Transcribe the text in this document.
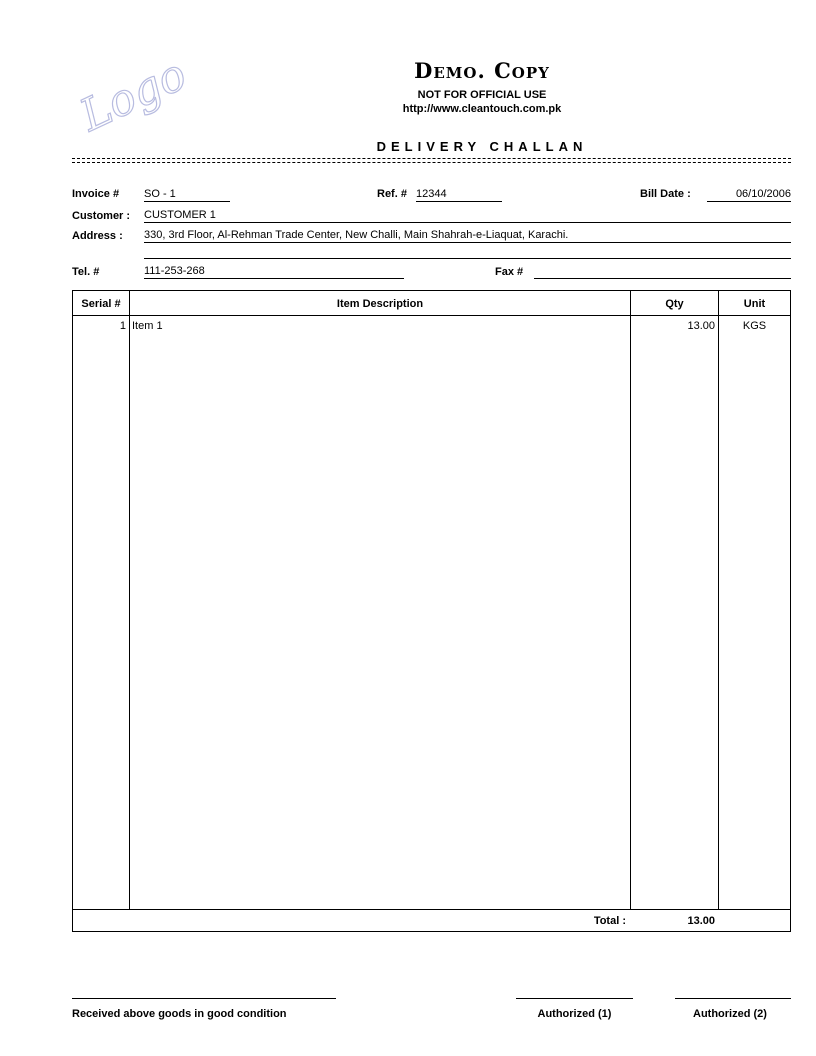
Logo	Demo. Copy
NOT FOR OFFICIAL USE
http://www.cleantouch.com.pk
DELIVERY CHALLAN
Invoice # SO - 1	Ref. # 12344	Bill Date :	06/10/2006
Customer : CUSTOMER 1
Address : 330, 3rd Floor, Al-Rehman Trade Center, New Challi, Main Shahrah-e-Liaquat, Karachi.
Tel. #	111-253-268	Fax #
Serial #	Item Description	Qty	Unit
1 Item 1	13.00	KGS
Total :	13.00
Received above goods in good condition	Authorized (1)	Authorized (2)
